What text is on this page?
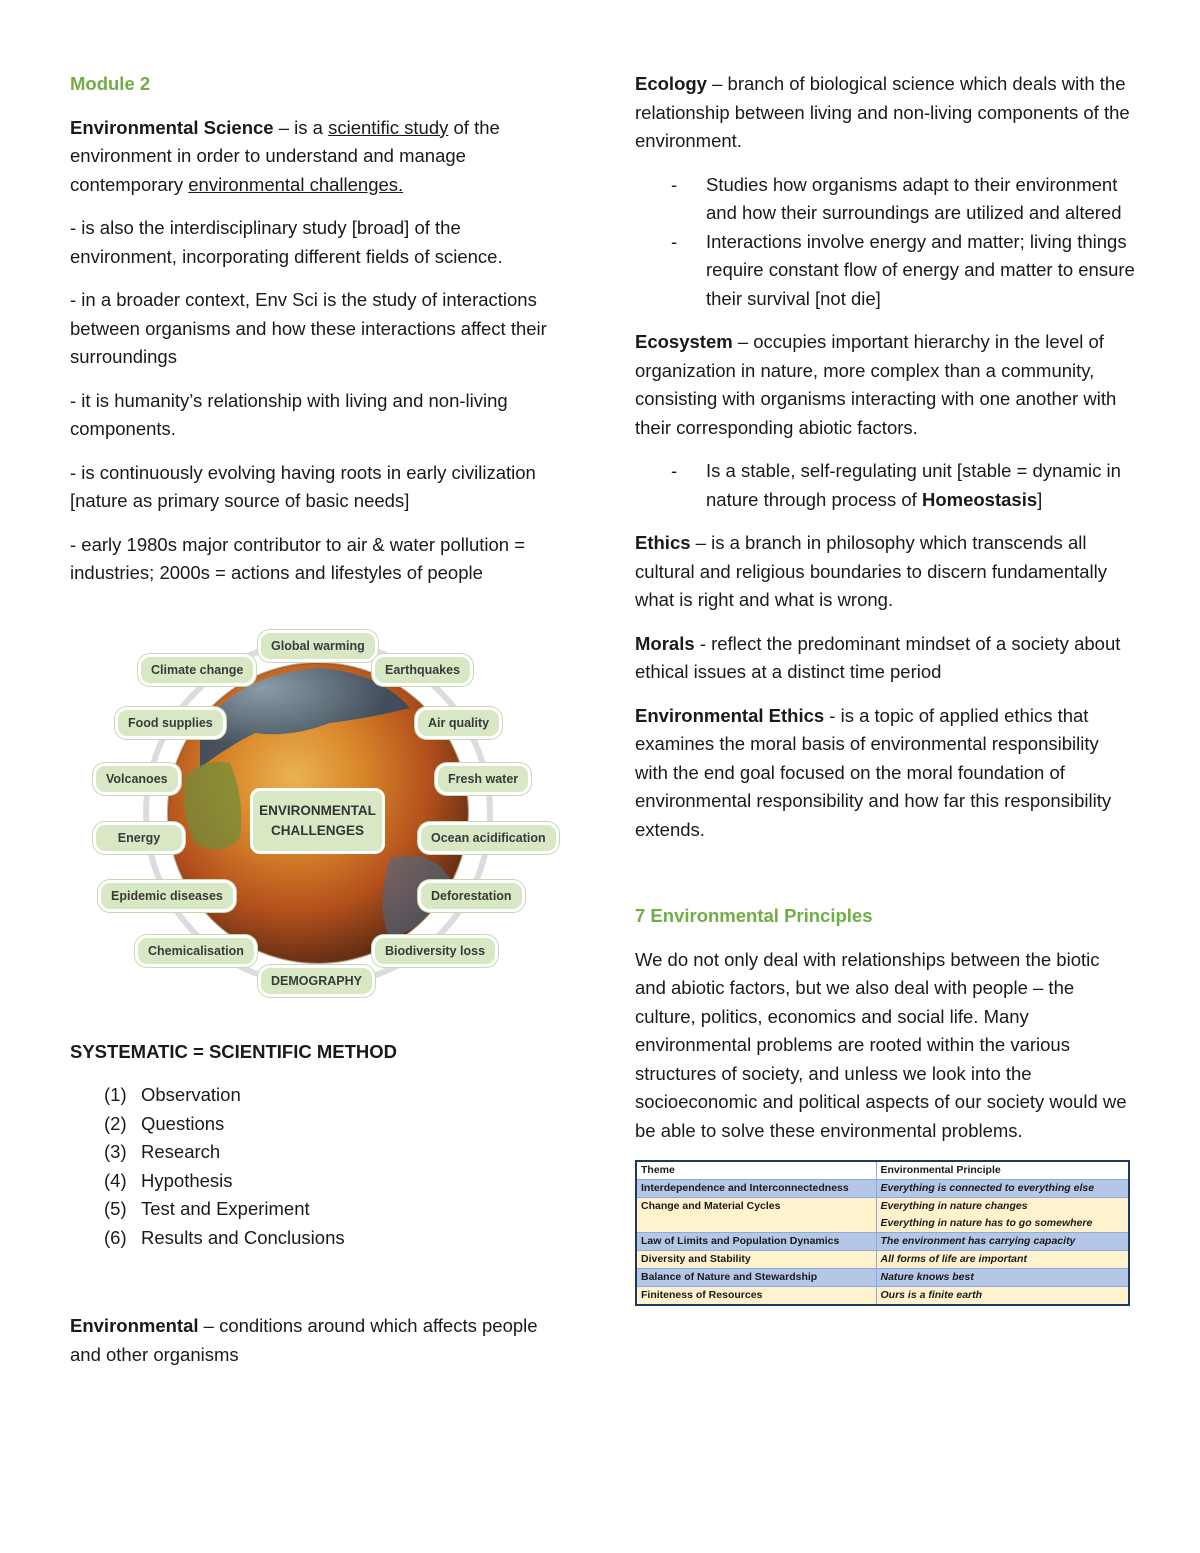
Module 2

Environmental Science – is a scientific study of the environment in order to understand and manage contemporary environmental challenges.

- is also the interdisciplinary study [broad] of the environment, incorporating different fields of science.

- in a broader context, Env Sci is the study of interactions between organisms and how these interactions affect their surroundings

- it is humanity’s relationship with living and non-living components.

- is continuously evolving having roots in early civilization [nature as primary source of basic needs]

- early 1980s major contributor to air & water pollution = industries; 2000s = actions and lifestyles of people

Global warming
Climate change	Earthquakes
Food supplies	Air quality
Volcanoes	Fresh water
Energy	Ocean acidification
Epidemic diseases	Deforestation
Chemicalisation	Biodiversity loss
DEMOGRAPHY
ENVIRONMENTAL
CHALLENGES

SYSTEMATIC = SCIENTIFIC METHOD

(1) Observation
(2) Questions
(3) Research
(4) Hypothesis
(5) Test and Experiment
(6) Results and Conclusions

Environmental – conditions around which affects people and other organisms

Ecology – branch of biological science which deals with the relationship between living and non-living components of the environment.

- Studies how organisms adapt to their environment and how their surroundings are utilized and altered
- Interactions involve energy and matter; living things require constant flow of energy and matter to ensure their survival [not die]

Ecosystem – occupies important hierarchy in the level of organization in nature, more complex than a community, consisting with organisms interacting with one another with their corresponding abiotic factors.

- Is a stable, self-regulating unit [stable = dynamic in nature through process of Homeostasis]

Ethics – is a branch in philosophy which transcends all cultural and religious boundaries to discern fundamentally what is right and what is wrong.

Morals - reflect the predominant mindset of a society about ethical issues at a distinct time period

Environmental Ethics - is a topic of applied ethics that examines the moral basis of environmental responsibility with the end goal focused on the moral foundation of
environmental responsibility and how far this responsibility extends.

7 Environmental Principles

We do not only deal with relationships between the biotic and abiotic factors, but we also deal with people – the culture, politics, economics and social life. Many environmental problems are rooted within the various structures of society, and unless we look into the socioeconomic and political aspects of our society would we be able to solve these environmental problems.

Theme	Environmental Principle
Interdependence and Interconnectedness	Everything is connected to everything else
Change and Material Cycles	Everything in nature changes
	Everything in nature has to go somewhere
Law of Limits and Population Dynamics	The environment has carrying capacity
Diversity and Stability	All forms of life are important
Balance of Nature and Stewardship	Nature knows best
Finiteness of Resources	Ours is a finite earth
